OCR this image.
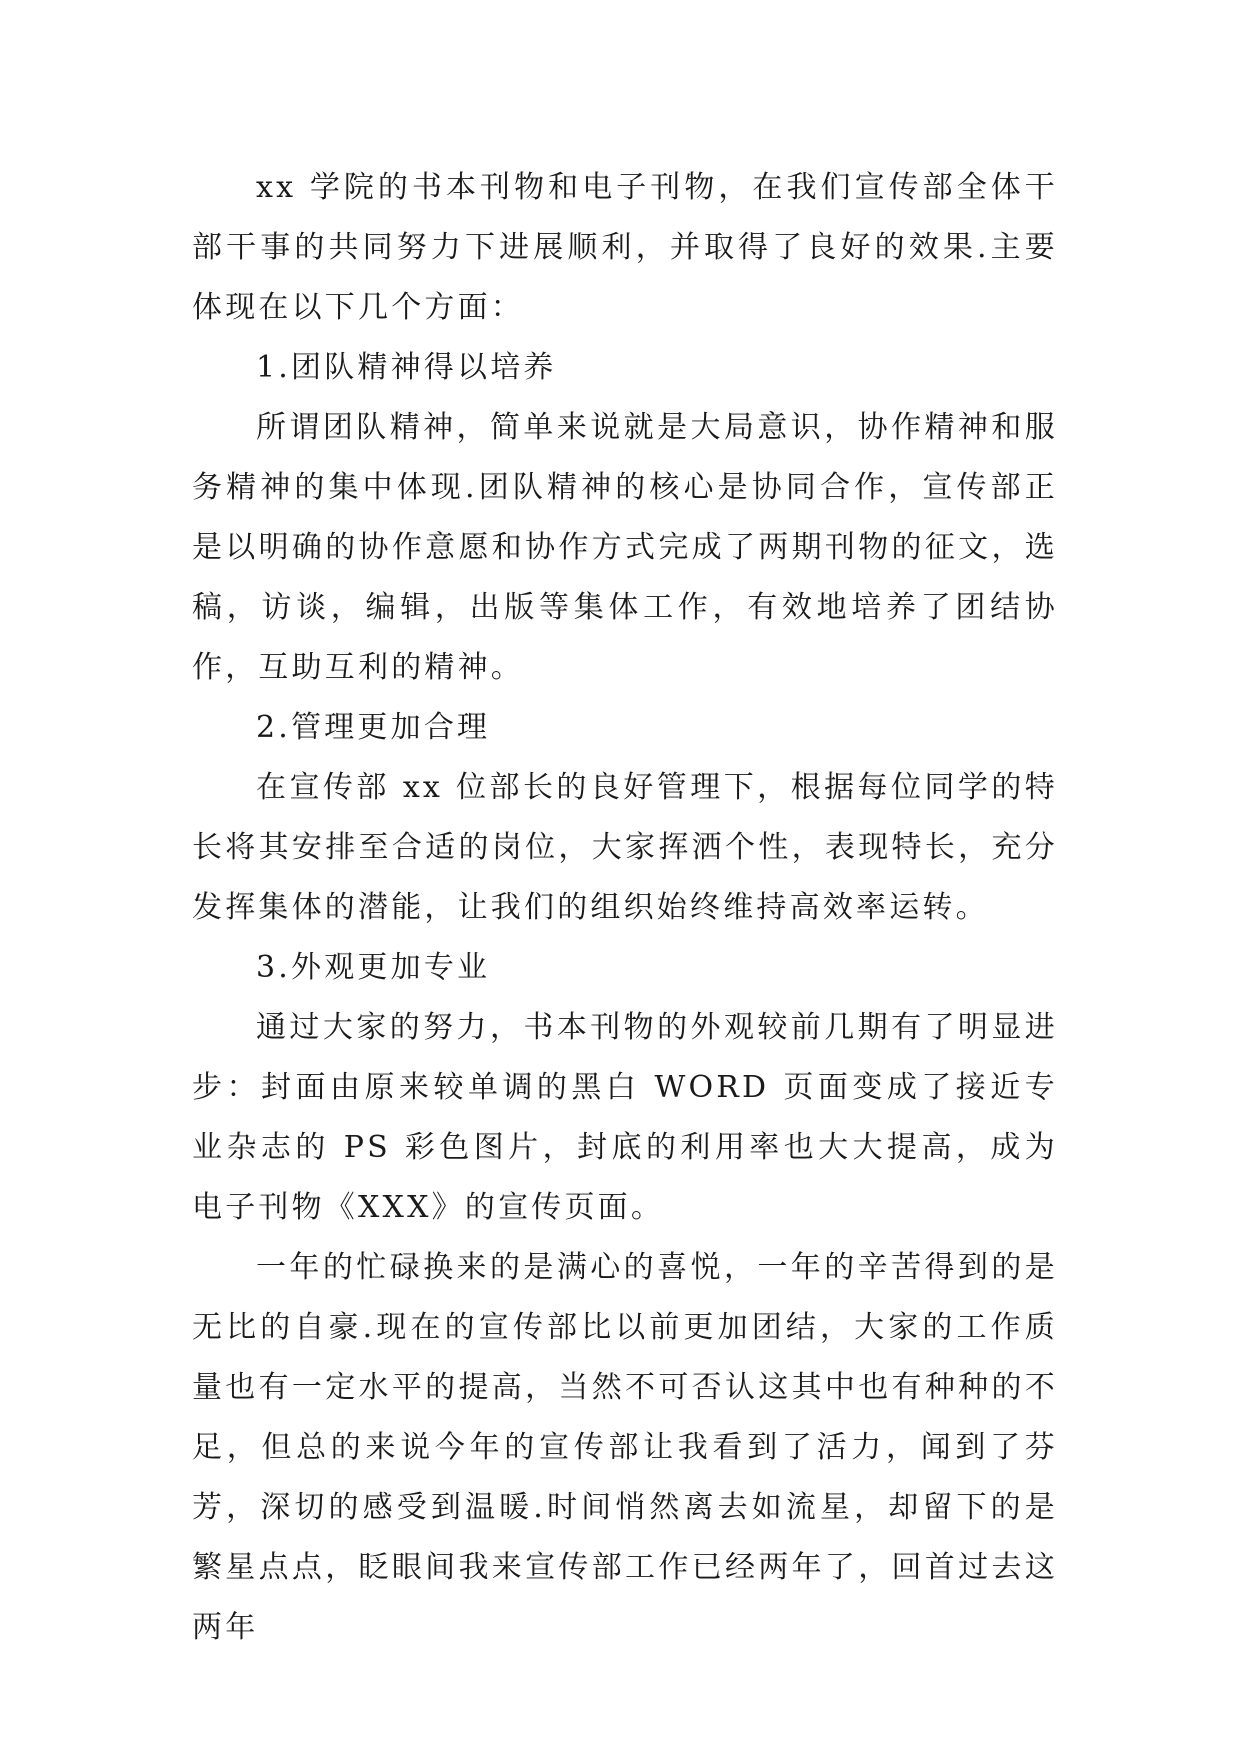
xx 学院的书本刊物和电子刊物，在我们宣传部全体干部干事的共同努力下进展顺利，并取得了良好的效果.主要体现在以下几个方面：

1.团队精神得以培养

所谓团队精神，简单来说就是大局意识，协作精神和服务精神的集中体现.团队精神的核心是协同合作，宣传部正是以明确的协作意愿和协作方式完成了两期刊物的征文，选稿，访谈，编辑，出版等集体工作，有效地培养了团结协作，互助互利的精神。

2.管理更加合理

在宣传部 xx 位部长的良好管理下，根据每位同学的特长将其安排至合适的岗位，大家挥洒个性，表现特长，充分发挥集体的潜能，让我们的组织始终维持高效率运转。

3.外观更加专业

通过大家的努力，书本刊物的外观较前几期有了明显进步：封面由原来较单调的黑白 WORD 页面变成了接近专业杂志的 PS 彩色图片，封底的利用率也大大提高，成为电子刊物《XXX》的宣传页面。

一年的忙碌换来的是满心的喜悦，一年的辛苦得到的是无比的自豪.现在的宣传部比以前更加团结，大家的工作质量也有一定水平的提高，当然不可否认这其中也有种种的不足，但总的来说今年的宣传部让我看到了活力，闻到了芬芳，深切的感受到温暖.时间悄然离去如流星，却留下的是繁星点点，眨眼间我来宣传部工作已经两年了，回首过去这两年
